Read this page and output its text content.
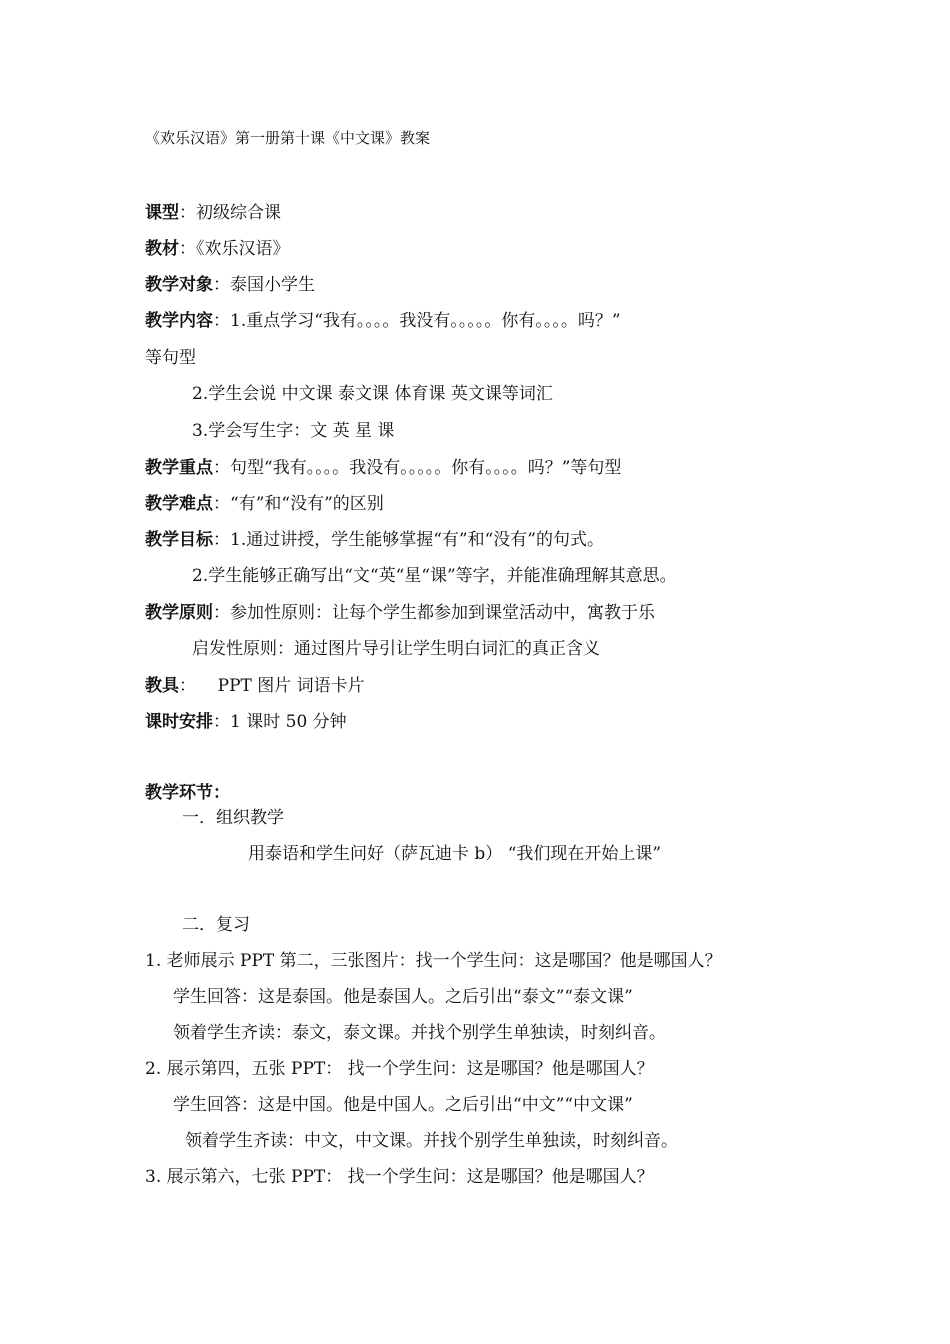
《欢乐汉语》第一册第十课《中文课》教案
课型：初级综合课
教材：《欢乐汉语》
教学对象：泰国小学生
教学内容：1.重点学习“我有。。。。我没有。。。。。你有。。。。吗？”
等句型
2.学生会说 中文课 泰文课 体育课 英文课等词汇
3.学会写生字：文 英 星 课
教学重点：句型“我有。。。。我没有。。。。。你有。。。。吗？”等句型
教学难点：“有”和“没有”的区别
教学目标：1.通过讲授，学生能够掌握“有”和“没有”的句式。
2.学生能够正确写出“文“英“星“课”等字，并能准确理解其意思。
教学原则：参加性原则：让每个学生都参加到课堂活动中，寓教于乐
启发性原则：通过图片导引让学生明白词汇的真正含义
教具：    PPT 图片 词语卡片
课时安排：1 课时 50 分钟
教学环节：
一．组织教学
用泰语和学生问好（萨瓦迪卡 b） “我们现在开始上课”
二．复习
1. 老师展示 PPT 第二，三张图片：找一个学生问：这是哪国？他是哪国人？
学生回答：这是泰国。他是泰国人。之后引出“泰文”“泰文课”
领着学生齐读：泰文，泰文课。并找个别学生单独读，时刻纠音。
2. 展示第四，五张 PPT： 找一个学生问：这是哪国？他是哪国人？
学生回答：这是中国。他是中国人。之后引出“中文”“中文课”
领着学生齐读：中文，中文课。并找个别学生单独读，时刻纠音。
3. 展示第六，七张 PPT： 找一个学生问：这是哪国？他是哪国人？
